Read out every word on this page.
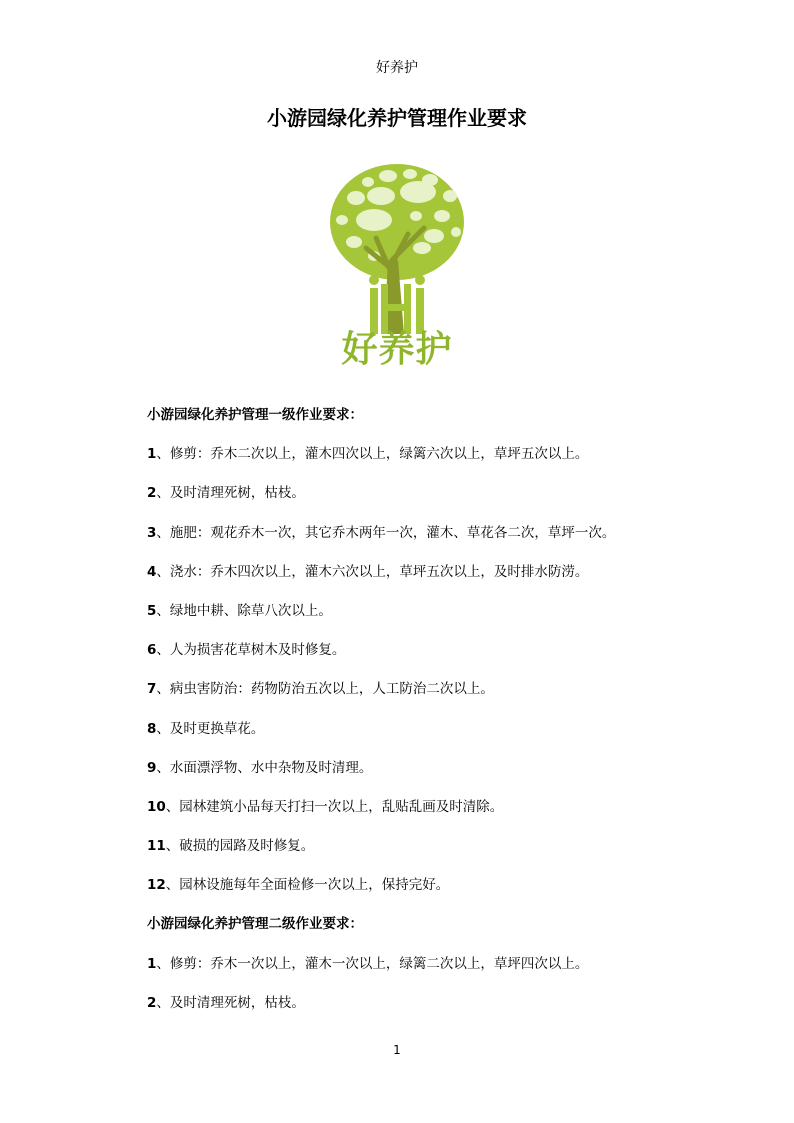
好养护
小游园绿化养护管理作业要求
好养护
小游园绿化养护管理一级作业要求：
1、修剪：乔木二次以上，灌木四次以上，绿篱六次以上，草坪五次以上。
2、及时清理死树，枯枝。
3、施肥：观花乔木一次，其它乔木两年一次，灌木、草花各二次，草坪一次。
4、浇水：乔木四次以上，灌木六次以上，草坪五次以上，及时排水防涝。
5、绿地中耕、除草八次以上。
6、人为损害花草树木及时修复。
7、病虫害防治：药物防治五次以上，人工防治二次以上。
8、及时更换草花。
9、水面漂浮物、水中杂物及时清理。
10、园林建筑小品每天打扫一次以上，乱贴乱画及时清除。
11、破损的园路及时修复。
12、园林设施每年全面检修一次以上，保持完好。
小游园绿化养护管理二级作业要求：
1、修剪：乔木一次以上，灌木一次以上，绿篱二次以上，草坪四次以上。
2、及时清理死树，枯枝。
1
